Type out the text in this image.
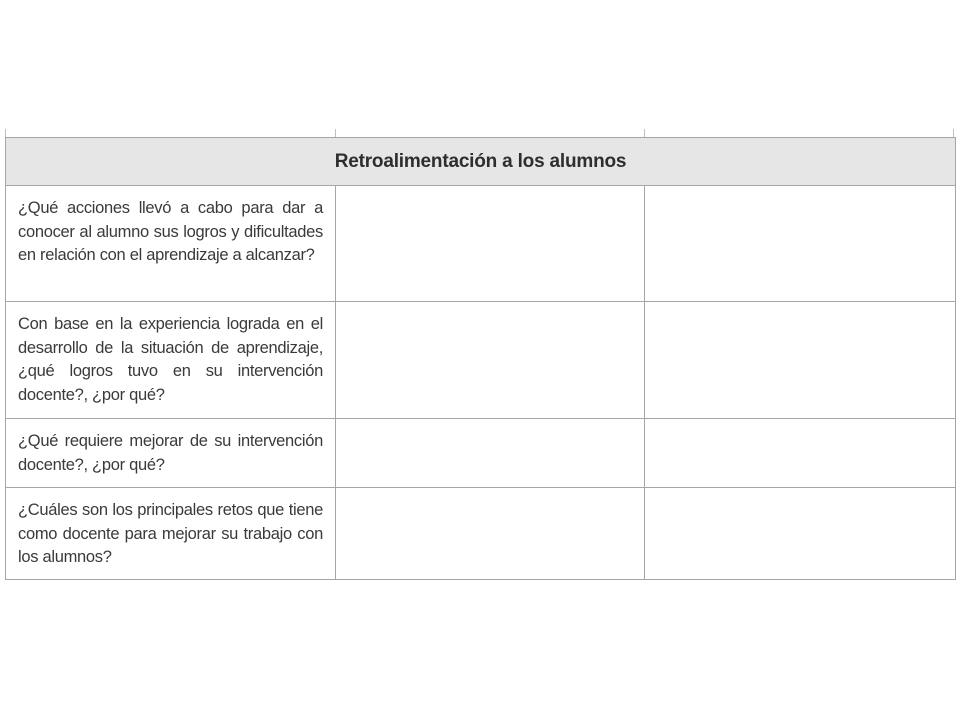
Retroalimentación a los alumnos		
¿Qué acciones llevó a cabo para dar a conocer al alumno sus logros y dificultades en relación con el aprendizaje a alcanzar?		
Con base en la experiencia lograda en el desarrollo de la situación de aprendizaje, ¿qué logros tuvo en su intervención docente?, ¿por qué?		
¿Qué requiere mejorar de su intervención docente?, ¿por qué?		
¿Cuáles son los principales retos que tiene como docente para mejorar su trabajo con los alumnos?		
